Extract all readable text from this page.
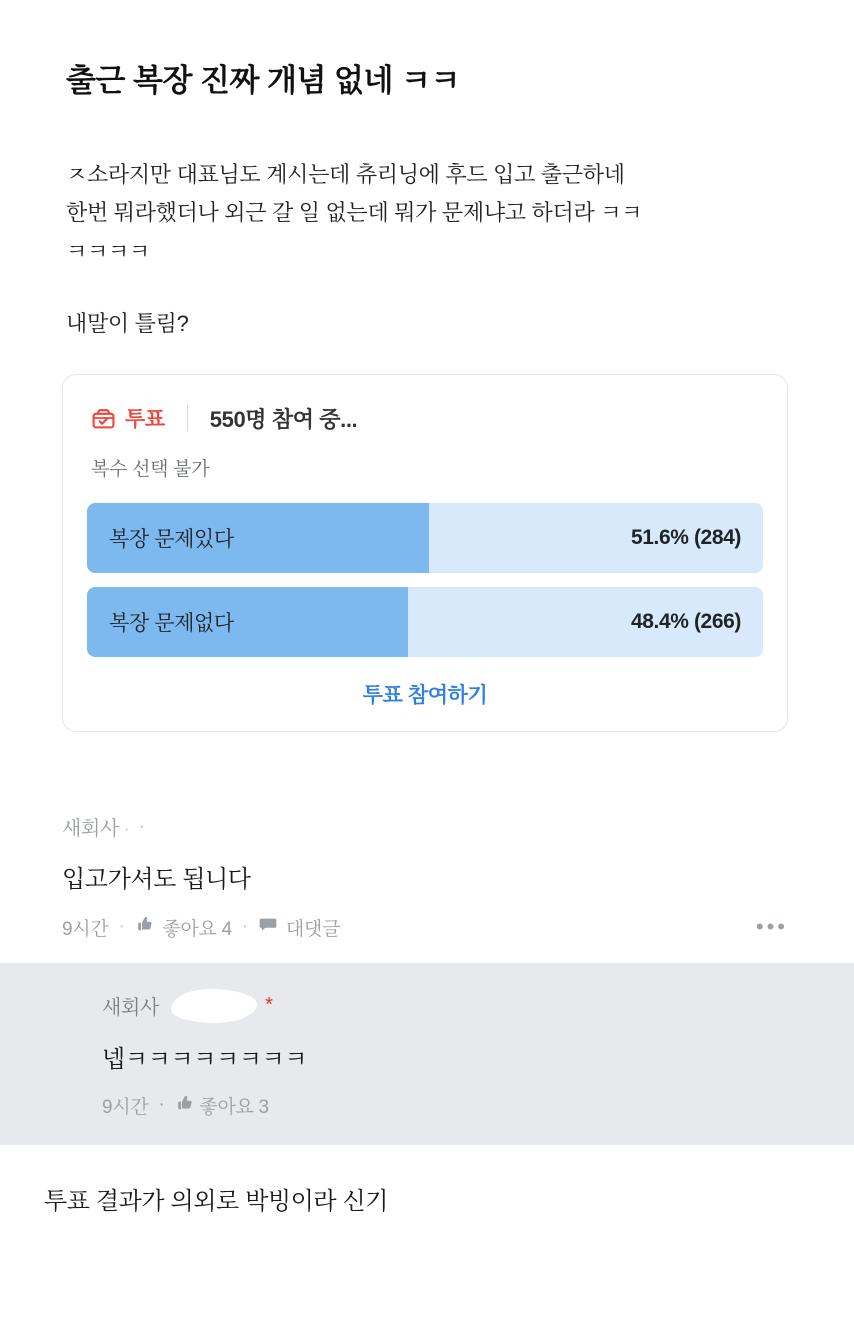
출근 복장 진짜 개념 없네 ㅋㅋ

ㅈ소라지만 대표님도 계시는데 츄리닝에 후드 입고 출근하네

한번 뭐라했더나 외근 갈 일 없는데 뭐가 문제냐고 하더라 ㅋㅋ

ㅋㅋㅋㅋ

내말이 틀림?

투표 550명 참여 중...
복수 선택 불가
복장 문제있다	51.6% (284)
복장 문제없다	48.4% (266)
투표 참여하기
새회사 · ᠂
입고가셔도 됩니다
9시간 · 좋아요 4 · 대댓글	•••
새회사	*
넵ㅋㅋㅋㅋㅋㅋㅋㅋ
9시간 ·	좋아요 3
투표 결과가 의외로 박빙이라 신기
